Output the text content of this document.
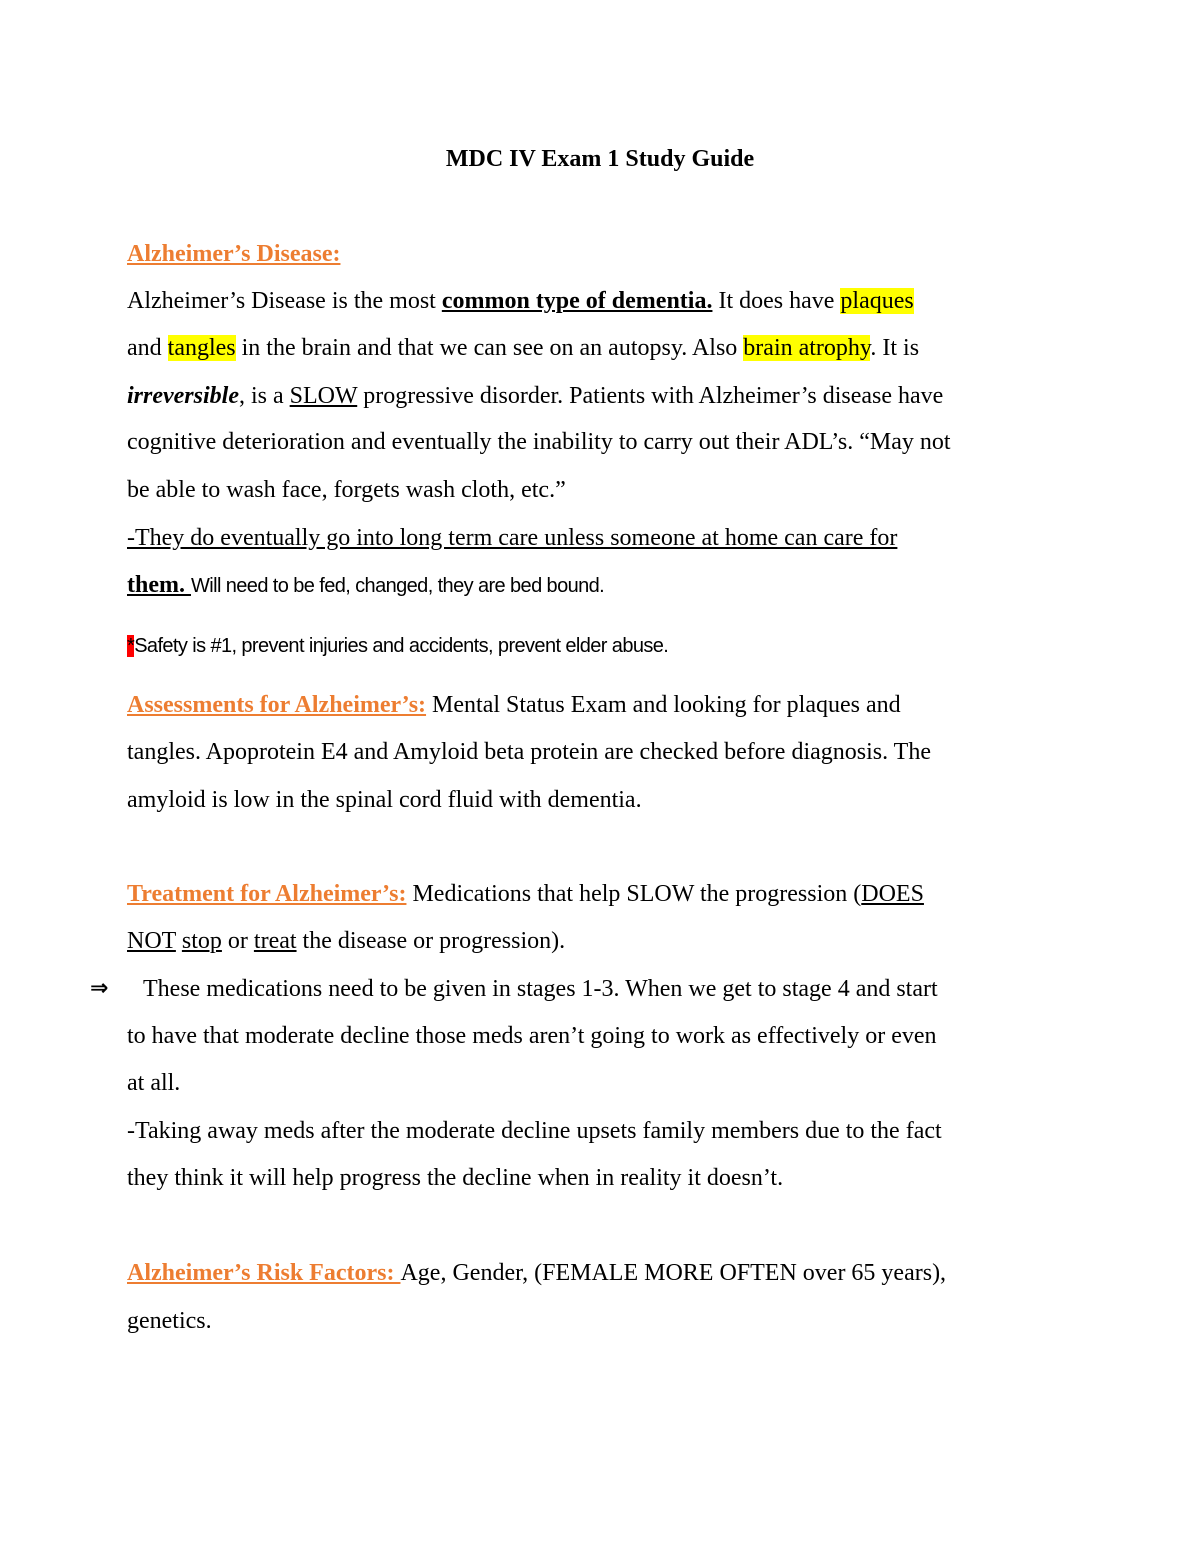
MDC IV Exam 1 Study Guide
Alzheimer’s Disease:
Alzheimer’s Disease is the most common type of dementia. It does have plaques
and tangles in the brain and that we can see on an autopsy. Also brain atrophy. It is
irreversible, is a SLOW progressive disorder. Patients with Alzheimer’s disease have
cognitive deterioration and eventually the inability to carry out their ADL’s. “May not
be able to wash face, forgets wash cloth, etc.”
-They do eventually go into long term care unless someone at home can care for
them. Will need to be fed, changed, they are bed bound.
*Safety is #1, prevent injuries and accidents, prevent elder abuse.
Assessments for Alzheimer’s: Mental Status Exam and looking for plaques and
tangles. Apoprotein E4 and Amyloid beta protein are checked before diagnosis. The
amyloid is low in the spinal cord fluid with dementia.
Treatment for Alzheimer’s: Medications that help SLOW the progression (DOES
NOT stop or treat the disease or progression).
⇒ These medications need to be given in stages 1-3. When we get to stage 4 and start
to have that moderate decline those meds aren’t going to work as effectively or even
at all.
-Taking away meds after the moderate decline upsets family members due to the fact
they think it will help progress the decline when in reality it doesn’t.
Alzheimer’s Risk Factors: Age, Gender, (FEMALE MORE OFTEN over 65 years),
genetics.
